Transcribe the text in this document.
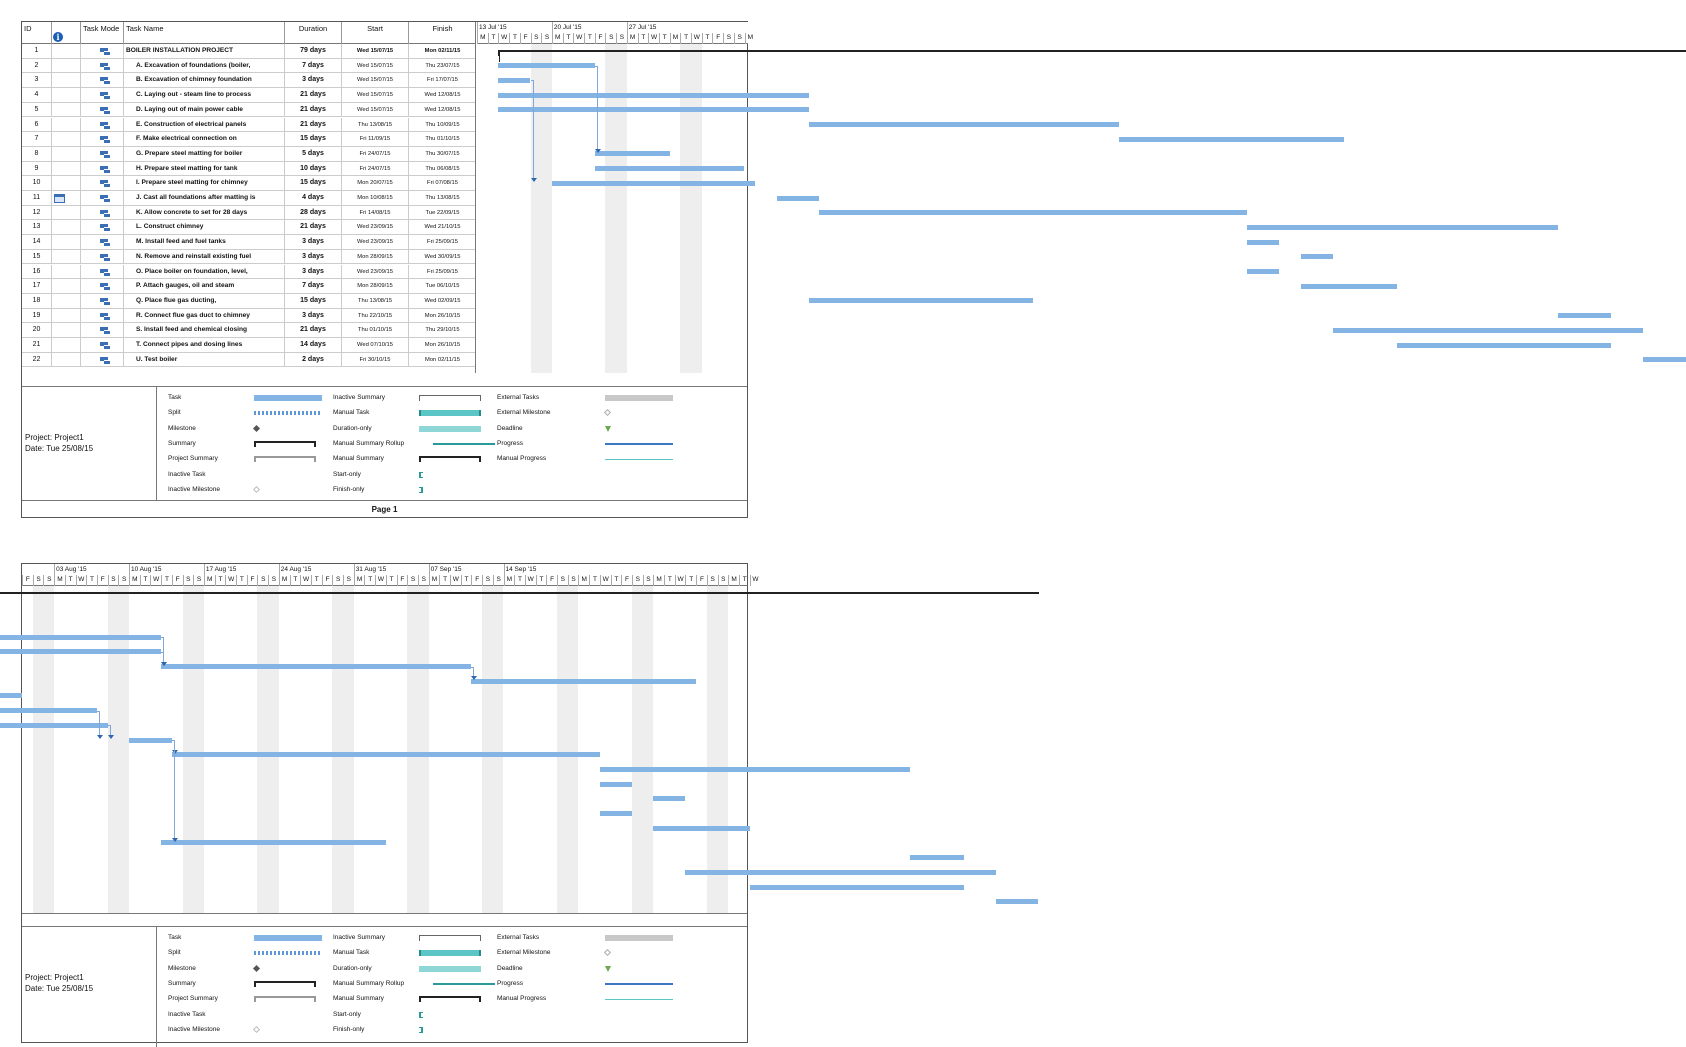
ID
i
Task Mode Task Name	Duration	Start	Finish
1	BOILER INSTALLATION PROJECT	79 days	Wed 15/07/15	Mon 02/11/15
2	A. Excavation of foundations (boiler,	7 days	Wed 15/07/15	Thu 23/07/15
3	B. Excavation of chimney foundation	3 days	Wed 15/07/15	Fri 17/07/15
4	C. Laying out - steam line to process	21 days	Wed 15/07/15	Wed 12/08/15
5	D. Laying out of main power cable	21 days	Wed 15/07/15	Wed 12/08/15
6	E. Construction of electrical panels	21 days	Thu 13/08/15	Thu 10/09/15
7	F. Make electrical connection on	15 days	Fri 11/09/15	Thu 01/10/15
8	G. Prepare steel matting for boiler	5 days	Fri 24/07/15	Thu 30/07/15
9	H. Prepare steel matting for tank	10 days	Fri 24/07/15	Thu 06/08/15
10	I. Prepare steel matting for chimney	15 days	Mon 20/07/15	Fri 07/08/15
11	J. Cast all foundations after matting is	4 days	Mon 10/08/15	Thu 13/08/15
12	K. Allow concrete to set for 28 days	28 days	Fri 14/08/15	Tue 22/09/15
13	L. Construct chimney	21 days	Wed 23/09/15	Wed 21/10/15
14	M. Install feed and fuel tanks	3 days	Wed 23/09/15	Fri 25/09/15
15	N. Remove and reinstall existing fuel	3 days	Mon 28/09/15	Wed 30/09/15
16	O. Place boiler on foundation, level,	3 days	Wed 23/09/15	Fri 25/09/15
17	P. Attach gauges, oil and steam	7 days	Mon 28/09/15	Tue 06/10/15
18	Q. Place flue gas ducting,	15 days	Thu 13/08/15	Wed 02/09/15
19	R. Connect flue gas duct to chimney	3 days	Thu 22/10/15	Mon 26/10/15
20	S. Install feed and chemical closing	21 days	Thu 01/10/15	Thu 29/10/15
21	T. Connect pipes and dosing lines	14 days	Wed 07/10/15	Mon 26/10/15
22	U. Test boiler	2 days	Fri 30/10/15	Mon 02/11/15
M T W T	F	S S M T W T	F	S S M T W T M T W T	F	S S M
13 Jul '15	20 Jul '15	27 Jul '15
Project: Project1
Date: Tue 25/08/15
Task
Split
Milestone
Summary
Project Summary
Inactive Task
Inactive Milestone
Inactive Summary
Manual Task
Duration-only
Manual Summary Rollup
Manual Summary
Start-only
Finish-only
External Tasks
External Milestone
Deadline
Progress
Manual Progress
Page 1
F	S S M T W T	F	S S M T W T	F	S S M T W T	F	S S M T W T	F	S S M T W T	F	S S M T W T	F	S S M T W T	F	S S M T W T	F	S S M T W T	F	S S M T W
03 Aug '15	10 Aug '15	17 Aug '15	24 Aug '15	31 Aug '15	07 Sep '15	14 Sep '15
Project: Project1
Date: Tue 25/08/15
Task
Split
Milestone
Summary
Project Summary
Inactive Task
Inactive Milestone
Inactive Summary
Manual Task
Duration-only
Manual Summary Rollup
Manual Summary
Start-only
Finish-only
External Tasks
External Milestone
Deadline
Progress
Manual Progress
